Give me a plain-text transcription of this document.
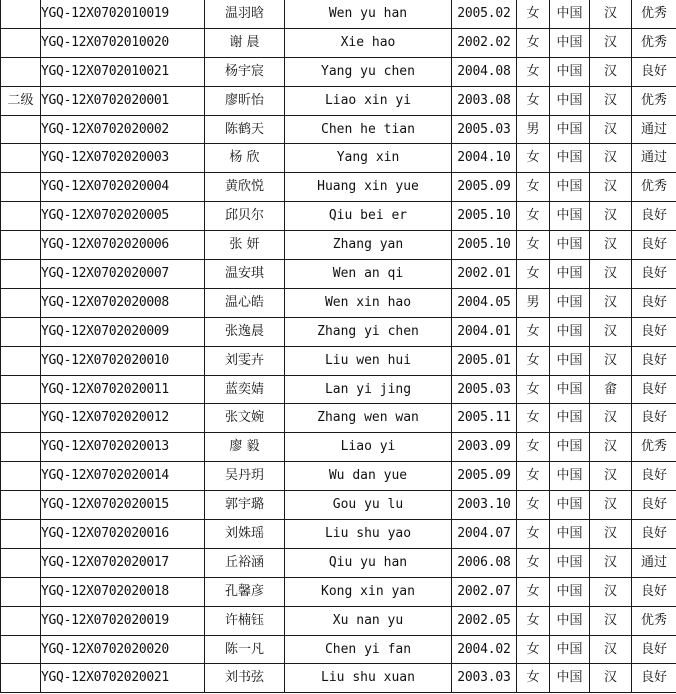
	YGQ-12X0702010019	温羽晗	Wen yu han	2005.02	女	中国	汉	优秀
	YGQ-12X0702010020	谢 晨	Xie hao	2002.02	女	中国	汉	优秀
	YGQ-12X0702010021	杨宇宸	Yang yu chen	2004.08	女	中国	汉	良好
二级	YGQ-12X0702020001	廖昕怡	Liao xin yi	2003.08	女	中国	汉	优秀
	YGQ-12X0702020002	陈鹤天	Chen he tian	2005.03	男	中国	汉	通过
	YGQ-12X0702020003	杨 欣	Yang xin	2004.10	女	中国	汉	通过
	YGQ-12X0702020004	黄欣悦	Huang xin yue	2005.09	女	中国	汉	优秀
	YGQ-12X0702020005	邱贝尔	Qiu bei er	2005.10	女	中国	汉	良好
	YGQ-12X0702020006	张 妍	Zhang yan	2005.10	女	中国	汉	良好
	YGQ-12X0702020007	温安琪	Wen an qi	2002.01	女	中国	汉	良好
	YGQ-12X0702020008	温心皓	Wen xin hao	2004.05	男	中国	汉	良好
	YGQ-12X0702020009	张逸晨	Zhang yi chen	2004.01	女	中国	汉	良好
	YGQ-12X0702020010	刘雯卉	Liu wen hui	2005.01	女	中国	汉	良好
	YGQ-12X0702020011	蓝奕婧	Lan yi jing	2005.03	女	中国	畲	良好
	YGQ-12X0702020012	张文婉	Zhang wen wan	2005.11	女	中国	汉	良好
	YGQ-12X0702020013	廖 毅	Liao yi	2003.09	女	中国	汉	优秀
	YGQ-12X0702020014	吴丹玥	Wu dan yue	2005.09	女	中国	汉	良好
	YGQ-12X0702020015	郭宇璐	Gou yu lu	2003.10	女	中国	汉	良好
	YGQ-12X0702020016	刘姝瑶	Liu shu yao	2004.07	女	中国	汉	良好
	YGQ-12X0702020017	丘裕涵	Qiu yu han	2006.08	女	中国	汉	通过
	YGQ-12X0702020018	孔馨彦	Kong xin yan	2002.07	女	中国	汉	良好
	YGQ-12X0702020019	许楠钰	Xu nan yu	2002.05	女	中国	汉	优秀
	YGQ-12X0702020020	陈一凡	Chen yi fan	2004.02	女	中国	汉	良好
	YGQ-12X0702020021	刘书弦	Liu shu xuan	2003.03	女	中国	汉	良好
